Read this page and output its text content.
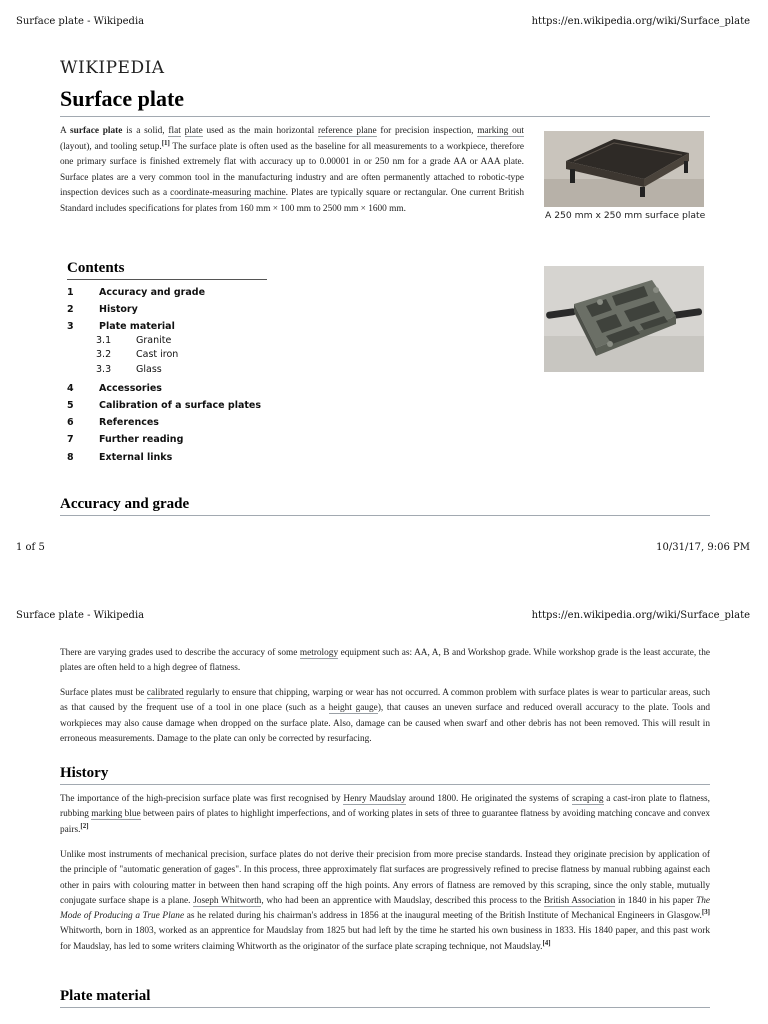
Surface plate - Wikipedia	https://en.wikipedia.org/wiki/Surface_plate
WIKIPEDIA
Surface plate
A surface plate is a solid, flat plate used as the main horizontal reference plane for precision inspection, marking out (layout), and tooling setup.[1] The surface plate is often used as the baseline for all measurements to a workpiece, therefore one primary surface is finished extremely flat with accuracy up to 0.00001 in or 250 nm for a grade AA or AAA plate. Surface plates are a very common tool in the manufacturing industry and are often permanently attached to robotic-type inspection devices such as a coordinate-measuring machine. Plates are typically square or rectangular. One current British Standard includes specifications for plates from 160 mm × 100 mm to 2500 mm × 1600 mm.
A 250 mm x 250 mm surface plate
Contents
1	Accuracy and grade
2	History
3	Plate material
3.1	Granite
3.2	Cast iron
3.3	Glass
4	Accessories
5	Calibration of a surface plates
6	References
7	Further reading
8	External links
Accuracy and grade
1 of 5	10/31/17, 9:06 PM
Surface plate - Wikipedia	https://en.wikipedia.org/wiki/Surface_plate
There are varying grades used to describe the accuracy of some metrology equipment such as: AA, A, B and Workshop grade. While workshop grade is the least accurate, the plates are often held to a high degree of flatness.
Surface plates must be calibrated regularly to ensure that chipping, warping or wear has not occurred. A common problem with surface plates is wear to particular areas, such as that caused by the frequent use of a tool in one place (such as a height gauge), that causes an uneven surface and reduced overall accuracy to the plate. Tools and workpieces may also cause damage when dropped on the surface plate. Also, damage can be caused when swarf and other debris has not been removed. This will result in erroneous measurements. Damage to the plate can only be corrected by resurfacing.
History
The importance of the high-precision surface plate was first recognised by Henry Maudslay around 1800. He originated the systems of scraping a cast-iron plate to flatness, rubbing marking blue between pairs of plates to highlight imperfections, and of working plates in sets of three to guarantee flatness by avoiding matching concave and convex pairs.[2]
Unlike most instruments of mechanical precision, surface plates do not derive their precision from more precise standards. Instead they originate precision by application of the principle of "automatic generation of gages". In this process, three approximately flat surfaces are progressively refined to precise flatness by manual rubbing against each other in pairs with colouring matter in between then hand scraping off the high points. Any errors of flatness are removed by this scraping, since the only stable, mutually conjugate surface shape is a plane. Joseph Whitworth, who had been an apprentice with Maudslay, described this process to the British Association in 1840 in his paper The Mode of Producing a True Plane as he related during his chairman's address in 1856 at the inaugural meeting of the British Institute of Mechanical Engineers in Glasgow.[3] Whitworth, born in 1803, worked as an apprentice for Maudslay from 1825 but had left by the time he started his own business in 1833. His 1840 paper, and this past work for Maudslay, has led to some writers claiming Whitworth as the originator of the surface plate scraping technique, not Maudslay.[4]
Plate material
